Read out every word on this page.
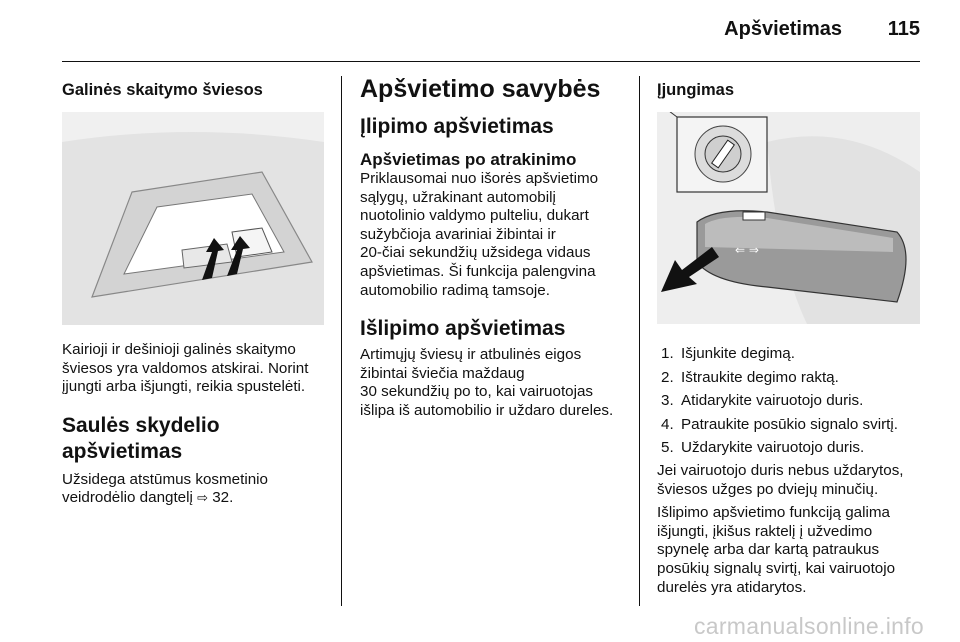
Apšvietimas 115
Galinės skaitymo šviesos

Kairioji ir dešinioji galinės skaitymo

šviesos yra valdomos atskirai. Norint

įjungti arba išjungti, reikia spustelėti.

Saulės skydelio
apšvietimas

Užsidega atstūmus kosmetinio

veidrodėlio dangtelį ⇨ 32.

Apšvietimo savybės
Įlipimo apšvietimas
Apšvietimas po atrakinimo

Priklausomai nuo išorės apšvietimo

sąlygų, užrakinant automobilį

nuotolinio valdymo pulteliu, dukart

sužybčioja avariniai žibintai ir

20-čiai sekundžių užsidega vidaus

apšvietimas. Ši funkcija palengvina

automobilio radimą tamsoje.

Išlipimo apšvietimas

Artimųjų šviesų ir atbulinės eigos

žibintai šviečia maždaug

30 sekundžių po to, kai vairuotojas

išlipa iš automobilio ir uždaro dureles.

Įjungimas
⇐ ⇒
1. Išjunkite degimą.
2. Ištraukite degimo raktą.
3. Atidarykite vairuotojo duris.
4. Patraukite posūkio signalo svirtį.
5. Uždarykite vairuotojo duris.

Jei vairuotojo duris nebus uždarytos,

šviesos užges po dviejų minučių.

Išlipimo apšvietimo funkciją galima

išjungti, įkišus raktelį į užvedimo

spynelę arba dar kartą patraukus

posūkių signalų svirtį, kai vairuotojo

durelės yra atidarytos.

carmanualsonline.info
